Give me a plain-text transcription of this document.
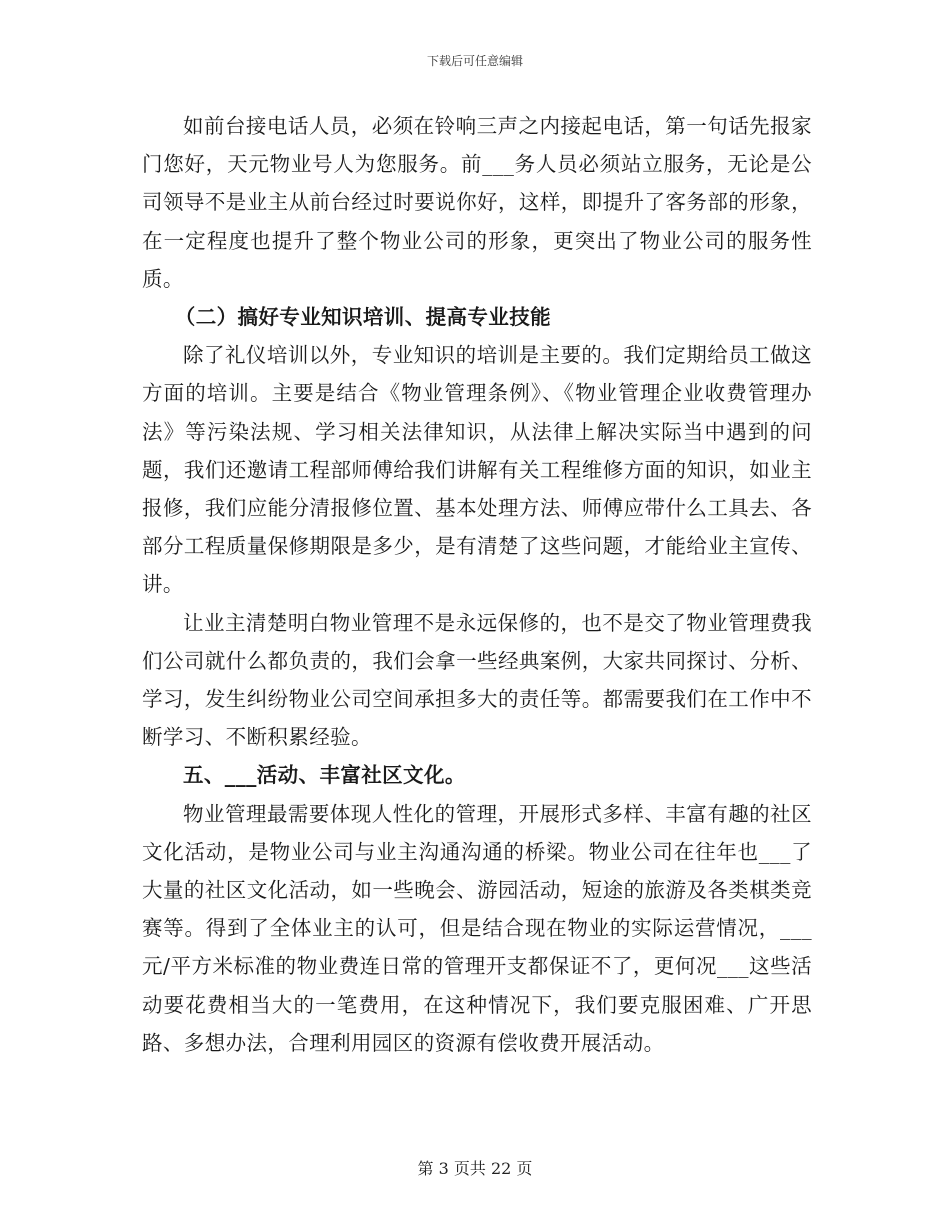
下载后可任意编辑

如前台接电话人员，必须在铃响三声之内接起电话，第一句话先报家门您好，天元物业号人为您服务。前___务人员必须站立服务，无论是公司领导不是业主从前台经过时要说你好，这样，即提升了客务部的形象，在一定程度也提升了整个物业公司的形象，更突出了物业公司的服务性质。

（二）搞好专业知识培训、提高专业技能

除了礼仪培训以外，专业知识的培训是主要的。我们定期给员工做这方面的培训。主要是结合《物业管理条例》、《物业管理企业收费管理办法》等污染法规、学习相关法律知识，从法律上解决实际当中遇到的问题，我们还邀请工程部师傅给我们讲解有关工程维修方面的知识，如业主报修，我们应能分清报修位置、基本处理方法、师傅应带什么工具去、各部分工程质量保修期限是多少，是有清楚了这些问题，才能给业主宣传、讲。

让业主清楚明白物业管理不是永远保修的，也不是交了物业管理费我们公司就什么都负责的，我们会拿一些经典案例，大家共同探讨、分析、学习，发生纠纷物业公司空间承担多大的责任等。都需要我们在工作中不断学习、不断积累经验。

五、___活动、丰富社区文化。

物业管理最需要体现人性化的管理，开展形式多样、丰富有趣的社区文化活动，是物业公司与业主沟通沟通的桥梁。物业公司在往年也___了大量的社区文化活动，如一些晚会、游园活动，短途的旅游及各类棋类竞赛等。得到了全体业主的认可，但是结合现在物业的实际运营情况，___元/平方米标准的物业费连日常的管理开支都保证不了，更何况___这些活动要花费相当大的一笔费用，在这种情况下，我们要克服困难、广开思路、多想办法，合理利用园区的资源有偿收费开展活动。

第 3 页共 22 页
